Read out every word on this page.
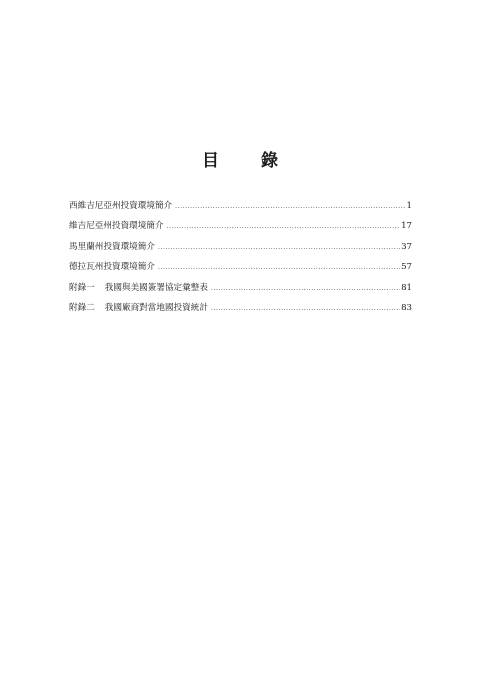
目 錄
西維吉尼亞州投資環境簡介 .....	1
維吉尼亞州投資環境簡介 .....	17
馬里蘭州投資環境簡介 .....	37
德拉瓦州投資環境簡介 .....	57
附錄一 我國與美國簽署協定彙整表 .....	81
附錄二 我國廠商對當地國投資統計 .....	83
